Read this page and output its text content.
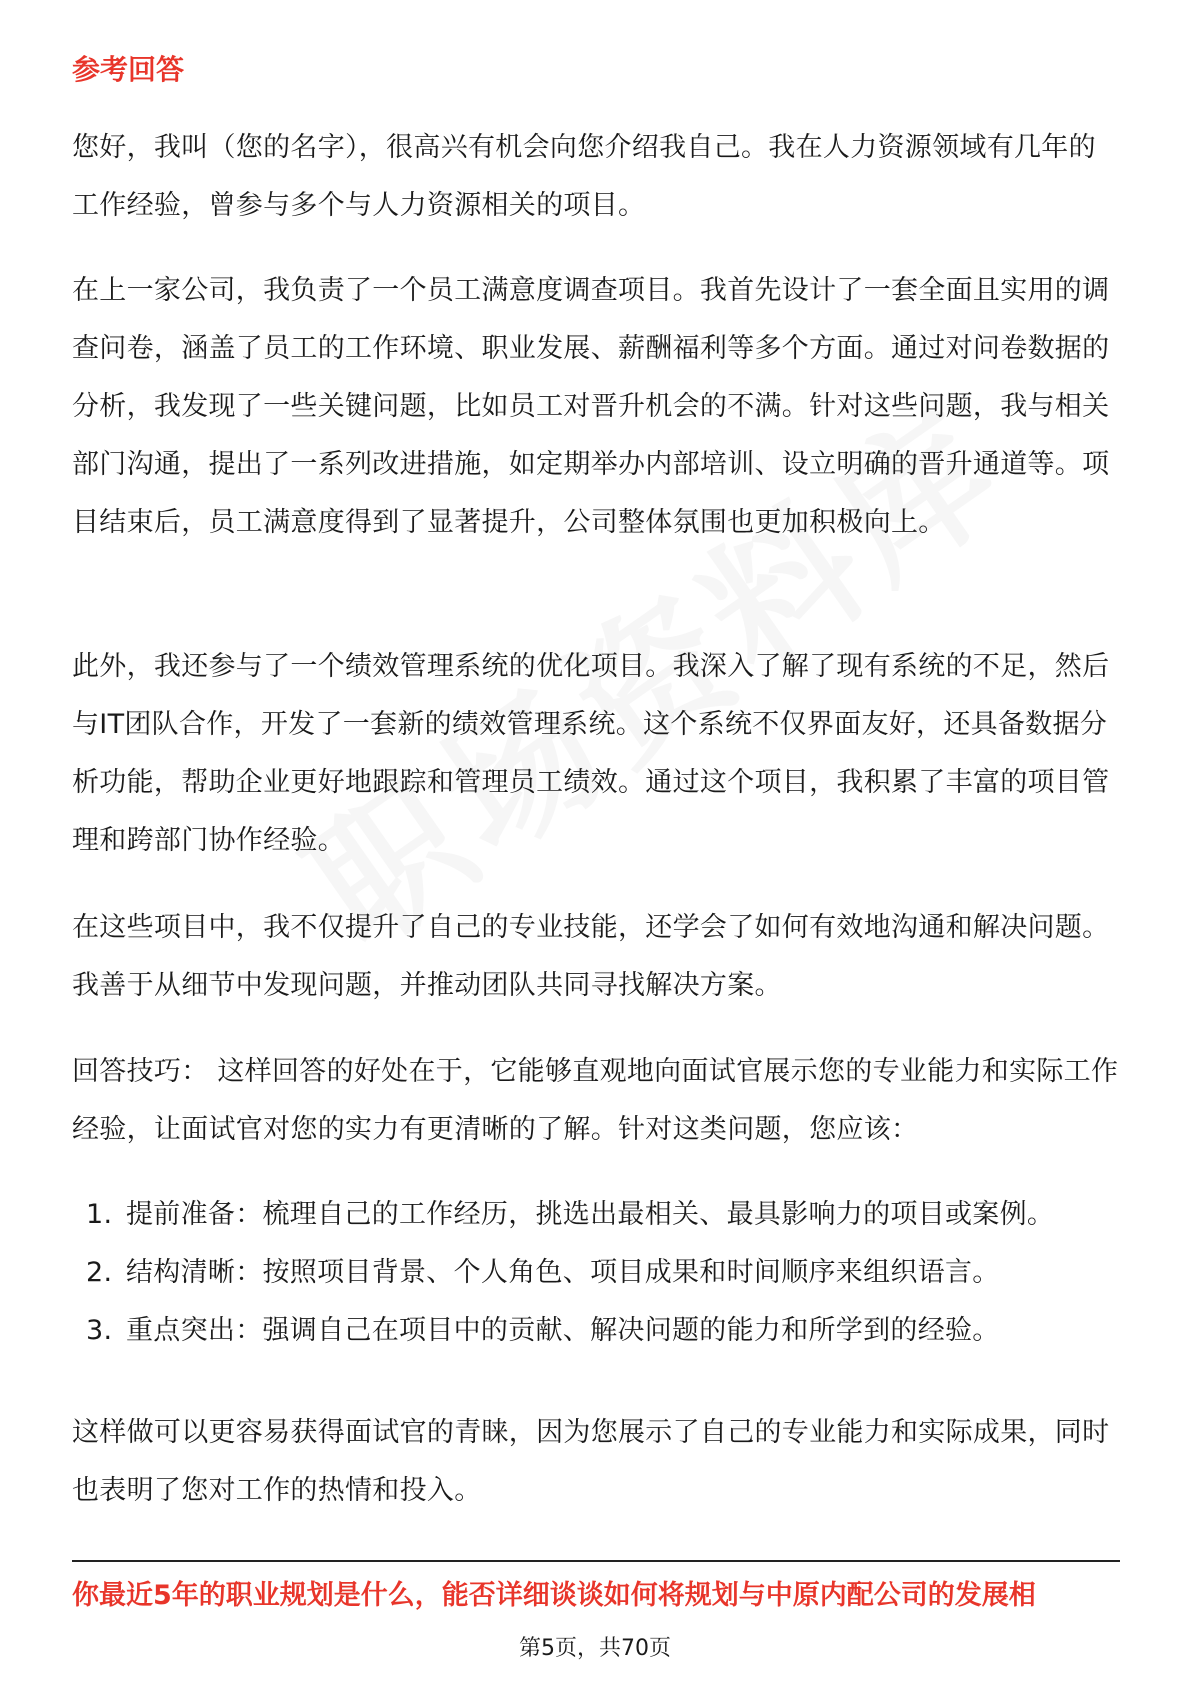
参考回答

您好，我叫（您的名字），很高兴有机会向您介绍我自己。我在人力资源领域有几年的工作经验，曾参与多个与人力资源相关的项目。

在上一家公司，我负责了一个员工满意度调查项目。我首先设计了一套全面且实用的调查问卷，涵盖了员工的工作环境、职业发展、薪酬福利等多个方面。通过对问卷数据的分析，我发现了一些关键问题，比如员工对晋升机会的不满。针对这些问题，我与相关部门沟通，提出了一系列改进措施，如定期举办内部培训、设立明确的晋升通道等。项目结束后，员工满意度得到了显著提升，公司整体氛围也更加积极向上。

此外，我还参与了一个绩效管理系统的优化项目。我深入了解了现有系统的不足，然后与IT团队合作，开发了一套新的绩效管理系统。这个系统不仅界面友好，还具备数据分析功能，帮助企业更好地跟踪和管理员工绩效。通过这个项目，我积累了丰富的项目管理和跨部门协作经验。

在这些项目中，我不仅提升了自己的专业技能，还学会了如何有效地沟通和解决问题。我善于从细节中发现问题，并推动团队共同寻找解决方案。

回答技巧： 这样回答的好处在于，它能够直观地向面试官展示您的专业能力和实际工作经验，让面试官对您的实力有更清晰的了解。针对这类问题，您应该：

1. 提前准备：梳理自己的工作经历，挑选出最相关、最具影响力的项目或案例。
2. 结构清晰：按照项目背景、个人角色、项目成果和时间顺序来组织语言。
3. 重点突出：强调自己在项目中的贡献、解决问题的能力和所学到的经验。

这样做可以更容易获得面试官的青睐，因为您展示了自己的专业能力和实际成果，同时也表明了您对工作的热情和投入。

你最近5年的职业规划是什么，能否详细谈谈如何将规划与中原内配公司的发展相
第5页，共70页
